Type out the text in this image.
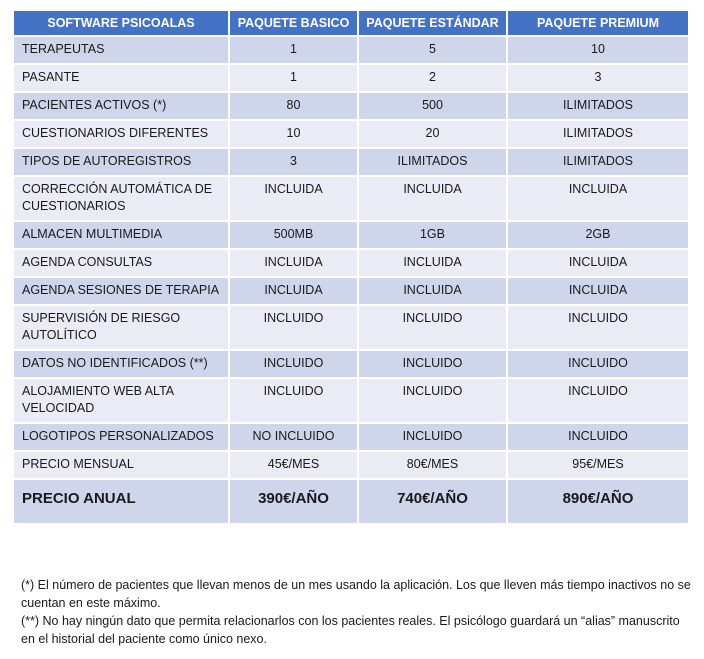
SOFTWARE PSICOALAS	PAQUETE BASICO	PAQUETE ESTÁNDAR	PAQUETE PREMIUM
TERAPEUTAS	1	5	10
PASANTE	1	2	3
PACIENTES ACTIVOS (*)	80	500	ILIMITADOS
CUESTIONARIOS DIFERENTES	10	20	ILIMITADOS
TIPOS DE AUTOREGISTROS	3	ILIMITADOS	ILIMITADOS
CORRECCIÓN AUTOMÁTICA DE CUESTIONARIOS	INCLUIDA	INCLUIDA	INCLUIDA
ALMACEN MULTIMEDIA	500MB	1GB	2GB
AGENDA CONSULTAS	INCLUIDA	INCLUIDA	INCLUIDA
AGENDA SESIONES DE TERAPIA	INCLUIDA	INCLUIDA	INCLUIDA
SUPERVISIÓN DE RIESGO AUTOLÍTICO	INCLUIDO	INCLUIDO	INCLUIDO
DATOS NO IDENTIFICADOS (**)	INCLUIDO	INCLUIDO	INCLUIDO
ALOJAMIENTO WEB ALTA VELOCIDAD	INCLUIDO	INCLUIDO	INCLUIDO
LOGOTIPOS PERSONALIZADOS	NO INCLUIDO	INCLUIDO	INCLUIDO
PRECIO MENSUAL	45€/MES	80€/MES	95€/MES
PRECIO ANUAL	390€/AÑO	740€/AÑO	890€/AÑO

(*) El número de pacientes que llevan menos de un mes usando la aplicación. Los que lleven más tiempo inactivos no se cuentan en este máximo.

(**) No hay ningún dato que permita relacionarlos con los pacientes reales. El psicólogo guardará un “alias” manuscrito en el historial del paciente como único nexo.
